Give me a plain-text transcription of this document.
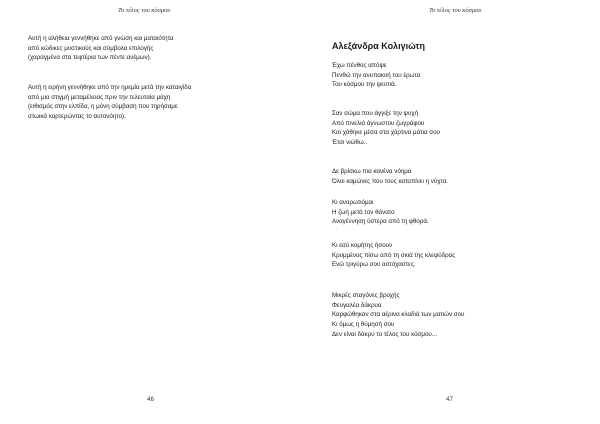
Το τέλος του κόσμου
Αυτή η αλήθεια γεννήθηκε από γνώση και ματαιότητα
από κώδικες μυστικούς και σύμβολα επιλογής
(χαραγμένα στα τεφτέρια των πέντε ανέμων).
Αυτή η ειρήνη γεννήθηκε από την ηρεμία μετά την καταιγίδα
από μια στιγμή μεταμέλειας πριν την τελευταία μάχη
(ειθισμός στην ελπίδα, η μόνη σύμβαση που τηρήσαμε
στωικά καρτερώντας το αυτονόητο).
46
Το τέλος του κόσμου
Αλεξάνδρα Κολιγιώτη
Έχω πένθος απόψε
Πενθώ την ανυπακοή του έρωτα
Του κόσμου την ψευτιά.
Σαν σώμα που άγγιξε την ψυχή
Από πινελιά άγνωστου ζωγράφου
Και χάθηκε μέσα στα χάρτινα μάτια σου
Έτσι νιώθω..
Δε βρίσκω πια κανένα νόημα
Όλοι καμώνες που τους καταπίνει η νύχτα.
Κι αναρωτιόμαι
Η ζωή μετά τον θάνατο
Αναγέννηση ύστερα από τη φθορά.
Κι εσύ κομήτης ήσουν
Κρυμμένος πίσω από τη σκιά της κλεψύδρας
Ενώ τριγύρω σου αστόχαστες.
Μικρές σταγόνες βροχής
Φευγαλέα δάκρυα
Καρφώθηκαν στα αέρινα κλαδιά των ματιών σου
Κι όμως η θύμησή σου
Δεν είναι δάκρυ το τέλος του κόσμου...
47
